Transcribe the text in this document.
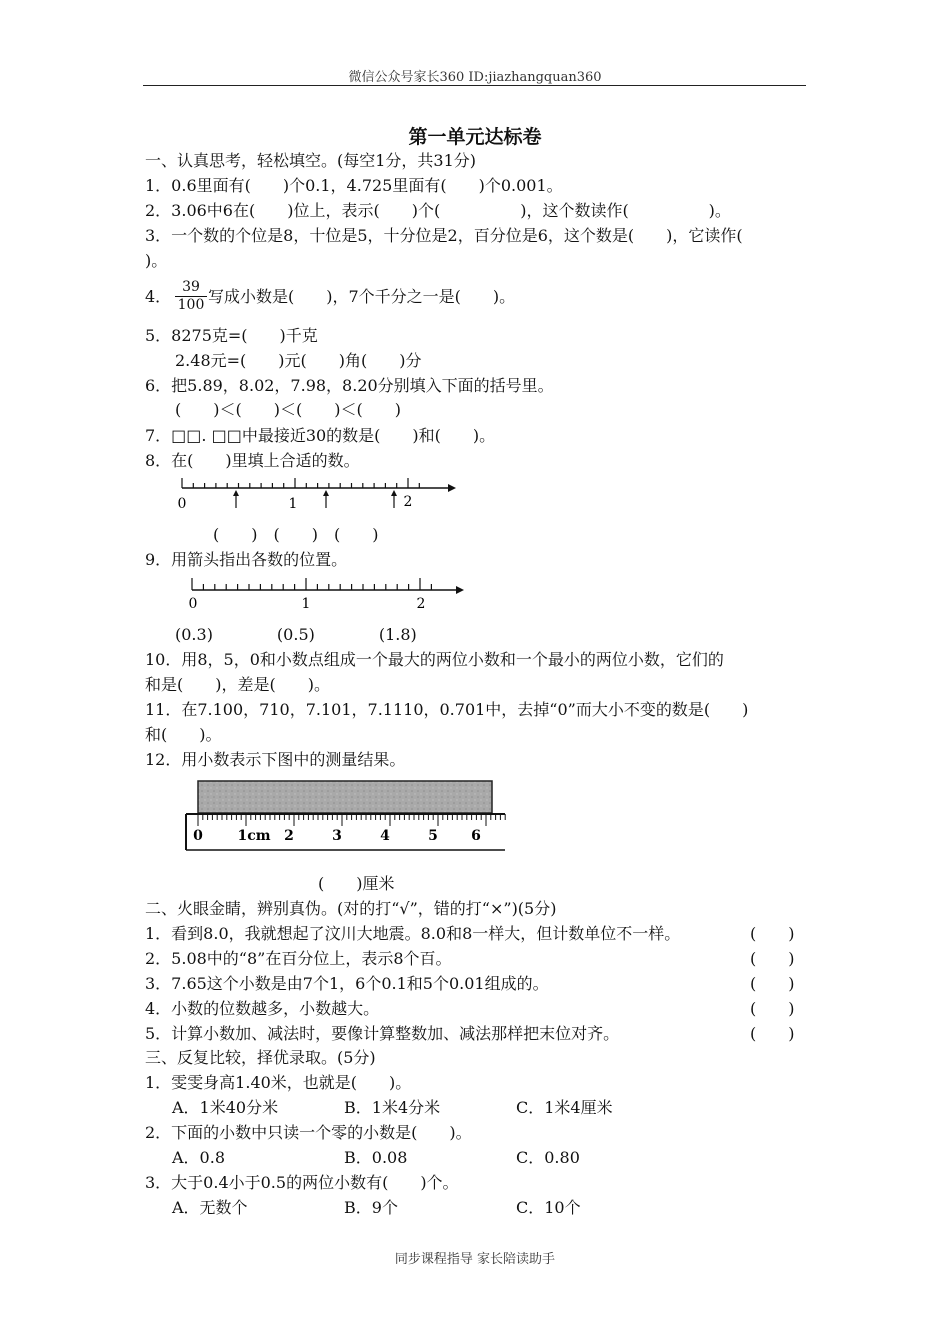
微信公众号家长360 ID:jiazhangquan360
第一单元达标卷
一、认真思考，轻松填空。(每空1分，共31分)
1．0.6里面有(　　)个0.1，4.725里面有(　　)个0.001。
2．3.06中6在(　　)位上，表示(　　)个(　　　　　)，这个数读作(　　　　　)。
3．一个数的个位是8，十位是5，十分位是2，百分位是6，这个数是(　　)，它读作(
)。
4． $\frac{39}{100}$ 写成小数是(　　)，7个千分之一是(　　)。
5．8275克=(　　)千克
2.48元=(　　)元(　　)角(　　)分
6．把5.89，8.02，7.98，8.20分别填入下面的括号里。
(　　)＜(　　)＜(　　)＜(　　)
7．□□. □□中最接近30的数是(　　)和(　　)。
8．在(　　)里填上合适的数。
0	1	2
(　　)　(　　)　(　　)
9．用箭头指出各数的位置。
0	1	2
(0.3)　　　　(0.5)　　　　(1.8)
10．用8，5，0和小数点组成一个最大的两位小数和一个最小的两位小数，它们的
和是(　　)，差是(　　)。
11．在7.100，710，7.101，7.1110，0.701中，去掉“0”而大小不变的数是(　　)
和(　　)。
12．用小数表示下图中的测量结果。
0 1cm 2	3	4	5 6
(　　)厘米
二、火眼金睛，辨别真伪。(对的打“√”，错的打“×”)(5分)
1．看到8.0，我就想起了汶川大地震。8.0和8一样大，但计数单位不一样。	(　　)
2．5.08中的“8”在百分位上，表示8个百。	(　　)
3．7.65这个小数是由7个1，6个0.1和5个0.01组成的。	(　　)
4．小数的位数越多，小数越大。	(　　)
5．计算小数加、减法时，要像计算整数加、减法那样把末位对齐。	(　　)
三、反复比较，择优录取。(5分)
1．雯雯身高1.40米，也就是(　　)。
A．1米40分米	B．1米4分米	C．1米4厘米
2．下面的小数中只读一个零的小数是(　　)。
A．0.8	B．0.08	C．0.80
3．大于0.4小于0.5的两位小数有(　　)个。
A．无数个	B．9个	C．10个
同步课程指导 家长陪读助手
